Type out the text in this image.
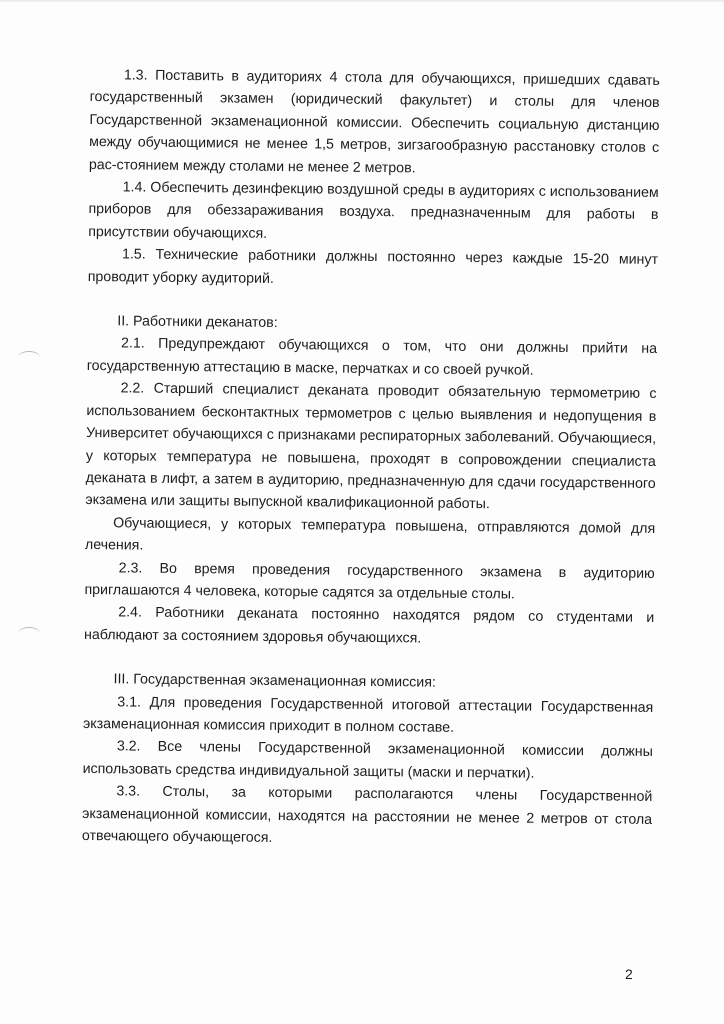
1.3. Поставить в аудиториях 4 стола для обучающихся, пришедших сдавать государственный экзамен (юридический факультет) и столы для членов Государственной экзаменационной комиссии. Обеспечить социальную дистанцию между обучающимися не менее 1,5 метров, зигзагообразную расстановку столов с рас-стоянием между столами не менее 2 метров.

1.4. Обеспечить дезинфекцию воздушной среды в аудиториях с использованием приборов для обеззараживания воздуха. предназначенным для работы в присутствии обучающихся.

1.5. Технические работники должны постоянно через каждые 15-20 минут проводит уборку аудиторий.

II. Работники деканатов:

2.1. Предупреждают обучающихся о том, что они должны прийти на государственную аттестацию в маске, перчатках и со своей ручкой.

2.2. Старший специалист деканата проводит обязательную термометрию с использованием бесконтактных термометров с целью выявления и недопущения в Университет обучающихся с признаками респираторных заболеваний. Обучающиеся, у которых температура не повышена, проходят в сопровождении специалиста деканата в лифт, а затем в аудиторию, предназначенную для сдачи государственного экзамена или защиты выпускной квалификационной работы.

Обучающиеся, у которых температура повышена, отправляются домой для лечения.

2.3. Во время проведения государственного экзамена в аудиторию приглашаются 4 человека, которые садятся за отдельные столы.

2.4. Работники деканата постоянно находятся рядом со студентами и наблюдают за состоянием здоровья обучающихся.

III. Государственная экзаменационная комиссия:

3.1. Для проведения Государственной итоговой аттестации Государственная экзаменационная комиссия приходит в полном составе.

3.2. Все члены Государственной экзаменационной комиссии должны использовать средства индивидуальной защиты (маски и перчатки).

3.3. Столы, за которыми располагаются члены Государственной экзаменационной комиссии, находятся на расстоянии не менее 2 метров от стола отвечающего обучающегося.

2
